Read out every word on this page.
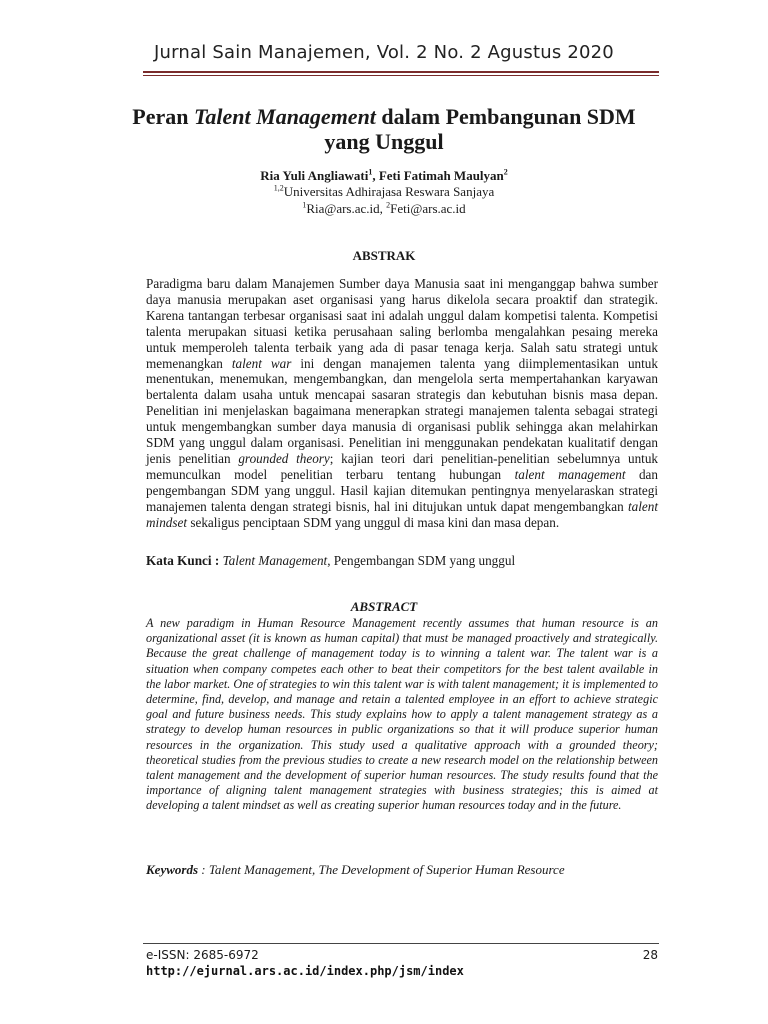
Jurnal Sain Manajemen, Vol. 2 No. 2 Agustus 2020
Peran Talent Management dalam Pembangunan SDM yang Unggul
Ria Yuli Angliawati$^1$, Feti Fatimah Maulyan$^2$
$^{1,2}$Universitas Adhirajasa Reswara Sanjaya
$^1$Ria@ars.ac.id, $^2$Feti@ars.ac.id
ABSTRAK
Paradigma baru dalam Manajemen Sumber daya Manusia saat ini menganggap bahwa sumber daya manusia merupakan aset organisasi yang harus dikelola secara proaktif dan strategik. Karena tantangan terbesar organisasi saat ini adalah unggul dalam kompetisi talenta. Kompetisi talenta merupakan situasi ketika perusahaan saling berlomba mengalahkan pesaing mereka untuk memperoleh talenta terbaik yang ada di pasar tenaga kerja. Salah satu strategi untuk memenangkan talent war ini dengan manajemen talenta yang diimplementasikan untuk menentukan, menemukan, mengembangkan, dan mengelola serta mempertahankan karyawan bertalenta dalam usaha untuk mencapai sasaran strategis dan kebutuhan bisnis masa depan. Penelitian ini menjelaskan bagaimana menerapkan strategi manajemen talenta sebagai strategi untuk mengembangkan sumber daya manusia di organisasi publik sehingga akan melahirkan SDM yang unggul dalam organisasi. Penelitian ini menggunakan pendekatan kualitatif dengan jenis penelitian grounded theory; kajian teori dari penelitian-penelitian sebelumnya untuk memunculkan model penelitian terbaru tentang hubungan talent management dan pengembangan SDM yang unggul. Hasil kajian ditemukan pentingnya menyelaraskan strategi manajemen talenta dengan strategi bisnis, hal ini ditujukan untuk dapat mengembangkan talent mindset sekaligus penciptaan SDM yang unggul di masa kini dan masa depan.
Kata Kunci : Talent Management, Pengembangan SDM yang unggul
ABSTRACT
A new paradigm in Human Resource Management recently assumes that human resource is an organizational asset (it is known as human capital) that must be managed proactively and strategically. Because the great challenge of management today is to winning a talent war. The talent war is a situation when company competes each other to beat their competitors for the best talent available in the labor market. One of strategies to win this talent war is with talent management; it is implemented to determine, find, develop, and manage and retain a talented employee in an effort to achieve strategic goal and future business needs. This study explains how to apply a talent management strategy as a strategy to develop human resources in public organizations so that it will produce superior human resources in the organization. This study used a qualitative approach with a grounded theory; theoretical studies from the previous studies to create a new research model on the relationship between talent management and the development of superior human resources. The study results found that the importance of aligning talent management strategies with business strategies; this is aimed at developing a talent mindset as well as creating superior human resources today and in the future.
Keywords : Talent Management, The Development of Superior Human Resource
e-ISSN: 2685-6972	28
http://ejurnal.ars.ac.id/index.php/jsm/index
